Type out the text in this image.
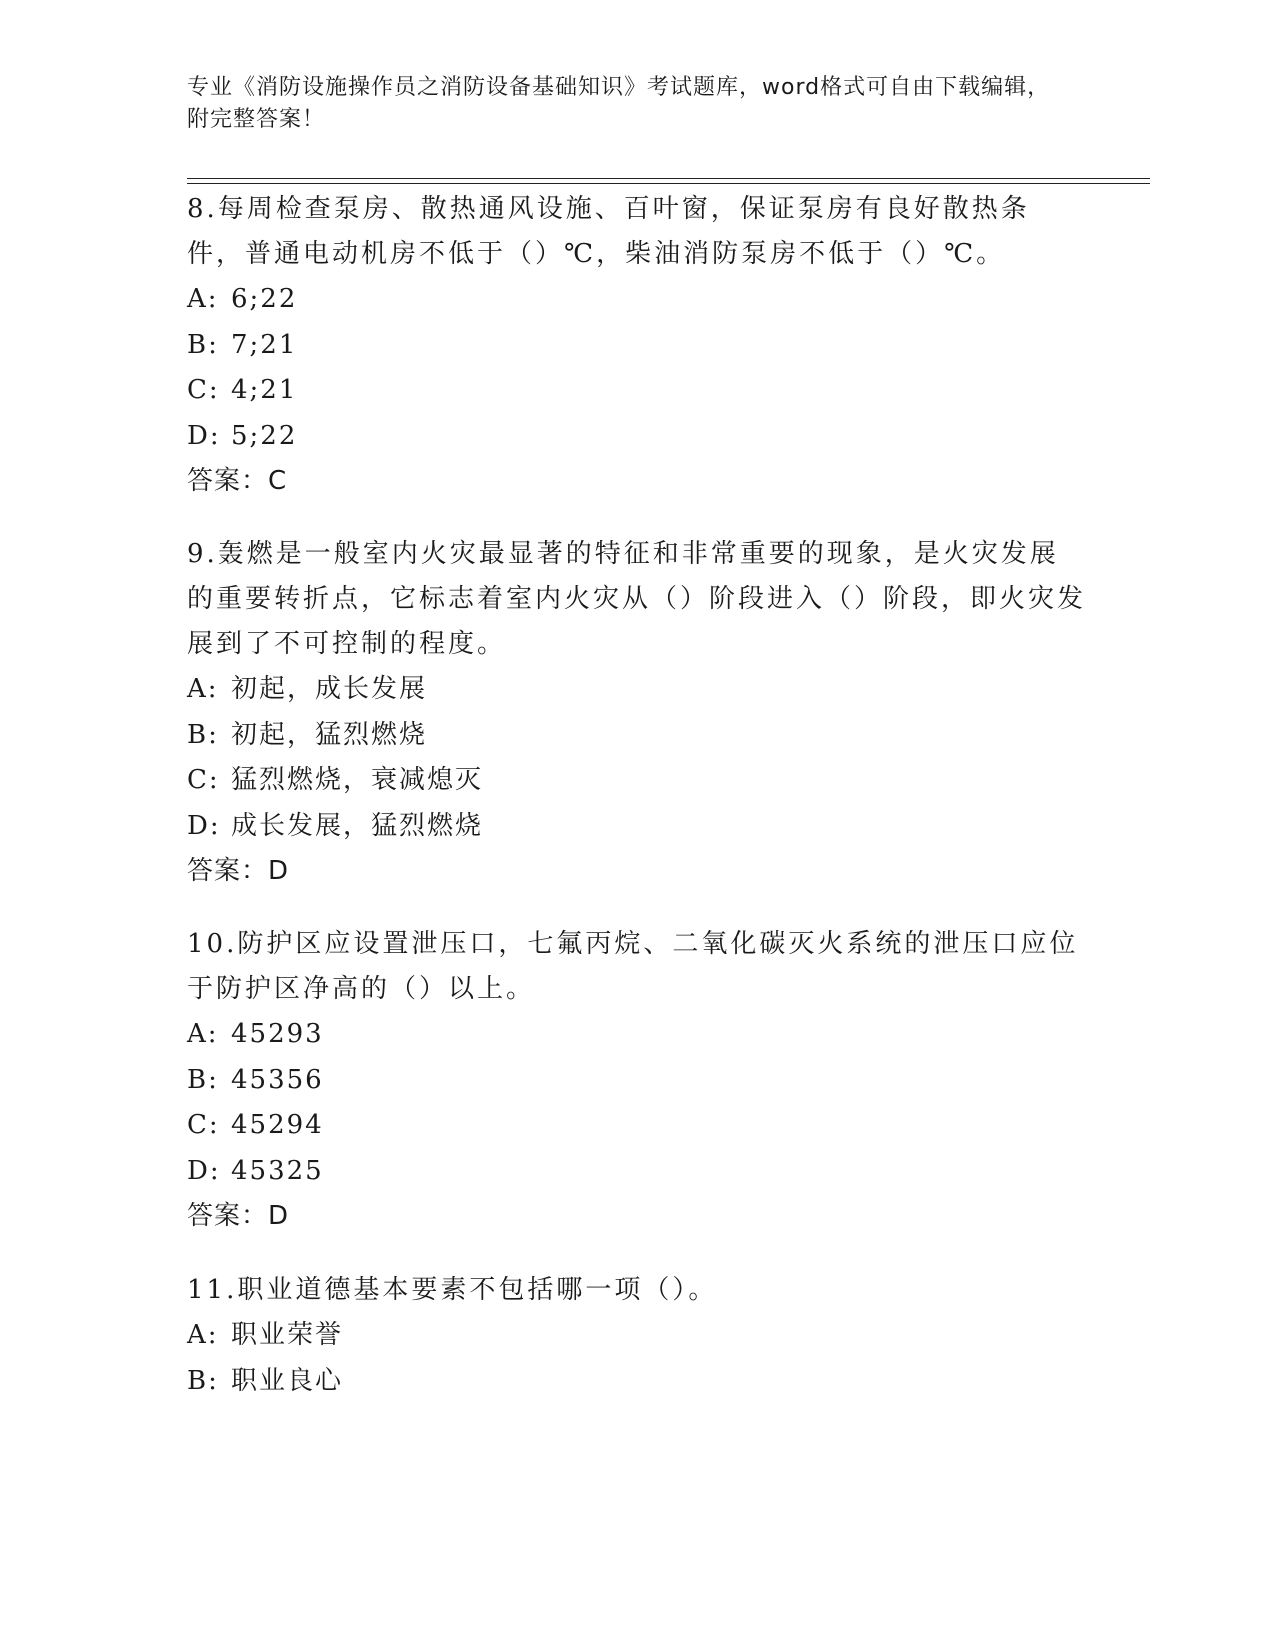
专业《消防设施操作员之消防设备基础知识》考试题库，word格式可自由下载编辑，附完整答案！
8.每周检查泵房、散热通风设施、百叶窗，保证泵房有良好散热条件，普通电动机房不低于（）℃，柴油消防泵房不低于（）℃。
A: 6;22
B: 7;21
C: 4;21
D: 5;22
答案：C
9.轰燃是一般室内火灾最显著的特征和非常重要的现象，是火灾发展的重要转折点，它标志着室内火灾从（）阶段进入（）阶段，即火灾发展到了不可控制的程度。
A: 初起，成长发展
B: 初起，猛烈燃烧
C: 猛烈燃烧，衰减熄灭
D: 成长发展，猛烈燃烧
答案：D
10.防护区应设置泄压口，七氟丙烷、二氧化碳灭火系统的泄压口应位于防护区净高的（）以上。
A: 45293
B: 45356
C: 45294
D: 45325
答案：D
11.职业道德基本要素不包括哪一项（）。
A: 职业荣誉
B: 职业良心
